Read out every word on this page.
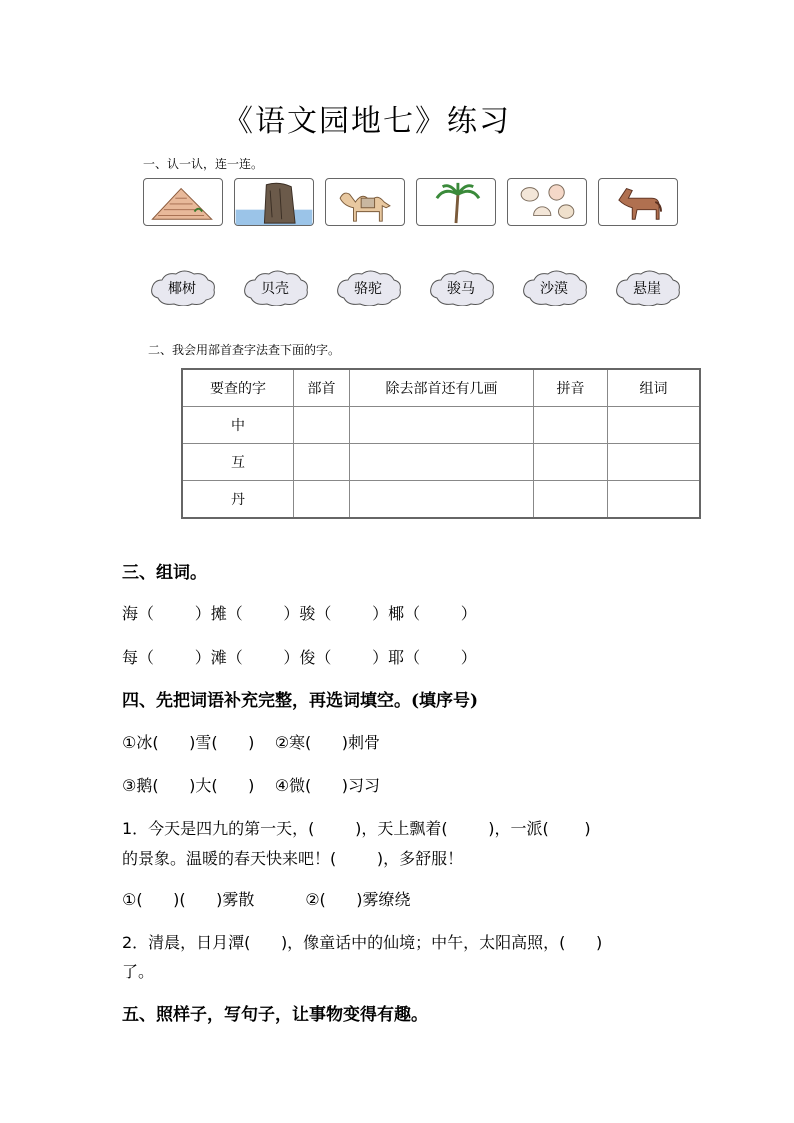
《语文园地七》练习
一、认一认，连一连。
椰树	贝壳	骆驼	骏马	沙漠	悬崖
二、我会用部首查字法查下面的字。
要查的字	部首	除去部首还有几画	拼音	组词
中				
互				
丹				
三、组词。
海（        ）摊（        ）骏（        ）椰（        ）
每（        ）滩（        ）俊（        ）耶（        ）
四、先把词语补充完整，再选词填空。(填序号)
①冰(      )雪(      )    ②寒(      )刺骨
③鹅(      )大(      )    ④微(      )习习
1．今天是四九的第一天，(        )，天上飘着(        )，一派(       )
的景象。温暖的春天快来吧！(        )，多舒服！
①(      )(      )雾散          ②(      )雾缭绕
2．清晨，日月潭(      )，像童话中的仙境；中午，太阳高照，(      )
了。
五、照样子，写句子，让事物变得有趣。
